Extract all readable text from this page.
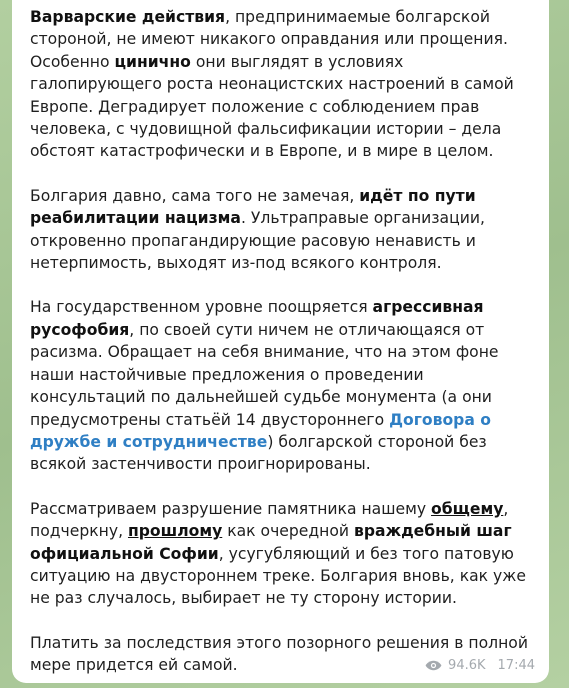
Варварские действия, предпринимаемые болгарской стороной, не имеют никакого оправдания или прощения. Особенно цинично они выглядят в условиях галопирующего роста неонацистских настроений в самой Европе. Деградирует положение с соблюдением прав человека, с чудовищной фальсификации истории – дела обстоят катастрофически и в Европе, и в мире в целом.

Болгария давно, сама того не замечая, идёт по пути реабилитации нацизма. Ультраправые организации, откровенно пропагандирующие расовую ненависть и нетерпимость, выходят из-под всякого контроля.

На государственном уровне поощряется агрессивная русофобия, по своей сути ничем не отличающаяся от расизма. Обращает на себя внимание, что на этом фоне наши настойчивые предложения о проведении консультаций по дальнейшей судьбе монумента (а они предусмотрены статьёй 14 двустороннего Договора о дружбе и сотрудничестве) болгарской стороной без всякой застенчивости проигнорированы.

Рассматриваем разрушение памятника нашему общему, подчеркну, прошлому как очередной враждебный шаг официальной Софии, усугубляющий и без того патовую ситуацию на двустороннем треке. Болгария вновь, как уже не раз случалось, выбирает не ту сторону истории.

Платить за последствия этого позорного решения в полной мере придется ей самой.	94.6K 17:44
